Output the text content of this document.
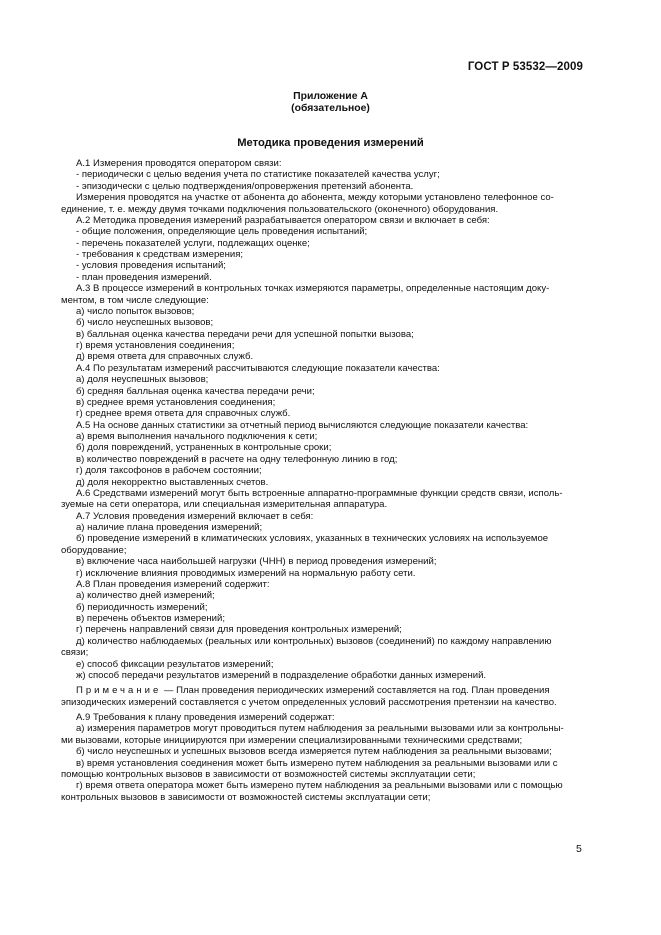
ГОСТ Р 53532—2009
Приложение А
(обязательное)
Методика проведения измерений
А.1 Измерения проводятся оператором связи:
- периодически с целью ведения учета по статистике показателей качества услуг;
- эпизодически с целью подтверждения/опровержения претензий абонента.
Измерения проводятся на участке от абонента до абонента, между которыми установлено телефонное со-
единение, т. е. между двумя точками подключения пользовательского (оконечного) оборудования.
А.2 Методика проведения измерений разрабатывается оператором связи и включает в себя:
- общие положения, определяющие цель проведения испытаний;
- перечень показателей услуги, подлежащих оценке;
- требования к средствам измерения;
- условия проведения испытаний;
- план проведения измерений.
А.3 В процессе измерений в контрольных точках измеряются параметры, определенные настоящим доку-
ментом, в том числе следующие:
а) число попыток вызовов;
б) число неуспешных вызовов;
в) балльная оценка качества передачи речи для успешной попытки вызова;
г) время установления соединения;
д) время ответа для справочных служб.
А.4 По результатам измерений рассчитываются следующие показатели качества:
а) доля неуспешных вызовов;
б) средняя балльная оценка качества передачи речи;
в) среднее время установления соединения;
г) среднее время ответа для справочных служб.
А.5 На основе данных статистики за отчетный период вычисляются следующие показатели качества:
а) время выполнения начального подключения к сети;
б) доля повреждений, устраненных в контрольные сроки;
в) количество повреждений в расчете на одну телефонную линию в год;
г) доля таксофонов в рабочем состоянии;
д) доля некорректно выставленных счетов.
А.6 Средствами измерений могут быть встроенные аппаратно-программные функции средств связи, исполь-
зуемые на сети оператора, или специальная измерительная аппаратура.
А.7 Условия проведения измерений включает в себя:
а) наличие плана проведения измерений;
б) проведение измерений в климатических условиях, указанных в технических условиях на используемое
оборудование;
в) включение часа наибольшей нагрузки (ЧНН) в период проведения измерений;
г) исключение влияния проводимых измерений на нормальную работу сети.
А.8 План проведения измерений содержит:
а) количество дней измерений;
б) периодичность измерений;
в) перечень объектов измерений;
г) перечень направлений связи для проведения контрольных измерений;
д) количество наблюдаемых (реальных или контрольных) вызовов (соединений) по каждому направлению
связи;
е) способ фиксации результатов измерений;
ж) способ передачи результатов измерений в подразделение обработки данных измерений.
Примечание — План проведения периодических измерений составляется на год. План проведения
эпизодических измерений составляется с учетом определенных условий рассмотрения претензии на качество.
А.9 Требования к плану проведения измерений содержат:
а) измерения параметров могут проводиться путем наблюдения за реальными вызовами или за контрольны-
ми вызовами, которые инициируются при измерении специализированными техническими средствами;
б) число неуспешных и успешных вызовов всегда измеряется путем наблюдения за реальными вызовами;
в) время установления соединения может быть измерено путем наблюдения за реальными вызовами или с
помощью контрольных вызовов в зависимости от возможностей системы эксплуатации сети;
г) время ответа оператора может быть измерено путем наблюдения за реальными вызовами или с помощью
контрольных вызовов в зависимости от возможностей системы эксплуатации сети;
5
